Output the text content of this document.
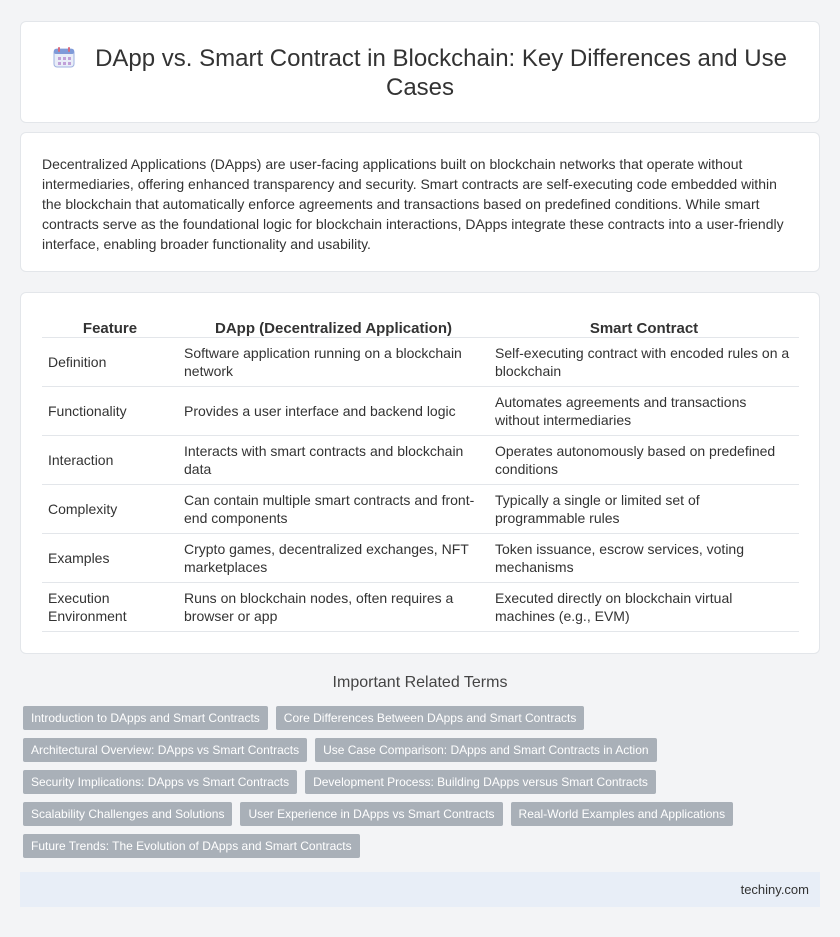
DApp vs. Smart Contract in Blockchain: Key Differences and Use Cases

Decentralized Applications (DApps) are user-facing applications built on blockchain networks that operate without intermediaries, offering enhanced transparency and security. Smart contracts are self-executing code embedded within the blockchain that automatically enforce agreements and transactions based on predefined conditions. While smart contracts serve as the foundational logic for blockchain interactions, DApps integrate these contracts into a user-friendly interface, enabling broader functionality and usability.

Feature	DApp (Decentralized Application)	Smart Contract
Definition	Software application running on a blockchain network	Self-executing contract with encoded rules on a blockchain
Functionality	Provides a user interface and backend logic	Automates agreements and transactions without intermediaries
Interaction	Interacts with smart contracts and blockchain data	Operates autonomously based on predefined conditions
Complexity	Can contain multiple smart contracts and front-end components	Typically a single or limited set of programmable rules
Examples	Crypto games, decentralized exchanges, NFT marketplaces	Token issuance, escrow services, voting mechanisms
Execution Environment	Runs on blockchain nodes, often requires a browser or app	Executed directly on blockchain virtual machines (e.g., EVM)
Important Related Terms
Introduction to DApps and Smart Contracts	Core Differences Between DApps and Smart Contracts
Architectural Overview: DApps vs Smart Contracts	Use Case Comparison: DApps and Smart Contracts in Action
Security Implications: DApps vs Smart Contracts	Development Process: Building DApps versus Smart Contracts
Scalability Challenges and Solutions	User Experience in DApps vs Smart Contracts	Real-World Examples and Applications
Future Trends: The Evolution of DApps and Smart Contracts
techiny.com
